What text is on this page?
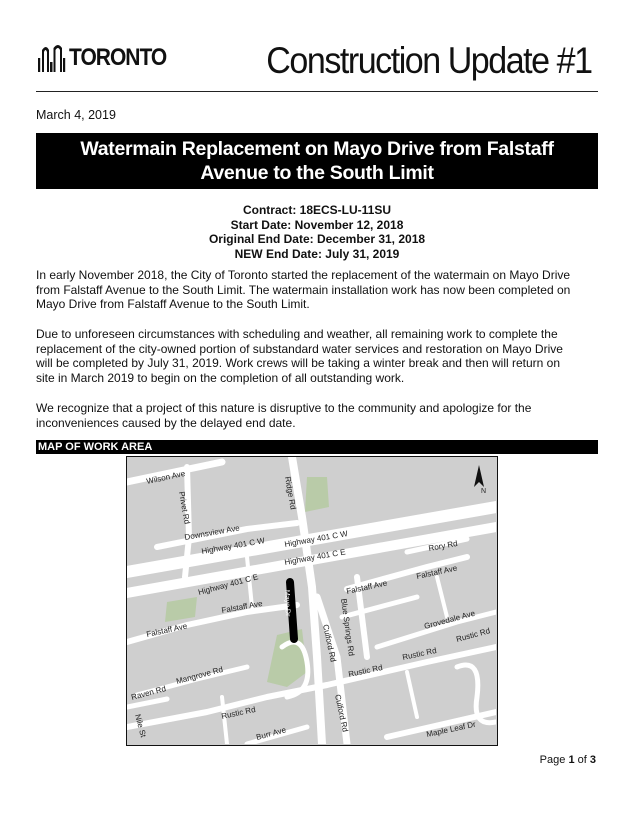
TORONTO	Construction Update #1
March 4, 2019
Watermain Replacement on Mayo Drive from Falstaff
Avenue to the South Limit
Contract: 18ECS-LU-11SU
Start Date: November 12, 2018
Original End Date: December 31, 2018
NEW End Date: July 31, 2019
In early November 2018, the City of Toronto started the replacement of the watermain on Mayo Drive
from Falstaff Avenue to the South Limit. The watermain installation work has now been completed on
Mayo Drive from Falstaff Avenue to the South Limit.
Due to unforeseen circumstances with scheduling and weather, all remaining work to complete the
replacement of the city-owned portion of substandard water services and restoration on Mayo Drive
will be completed by July 31, 2019. Work crews will be taking a winter break and then will return on
site in March 2019 to begin on the completion of all outstanding work.
We recognize that a project of this nature is disruptive to the community and apologize for the
inconveniences caused by the delayed end date.
MAP OF WORK AREA
N
Wilson Ave
Privet Rd
Downsview Ave
Ridge Rd
Highway 401 C W Highway 401 C W
Highway 401 C E
Highway 401 C E
Rory Rd
Falstaff Ave
Falstaff Ave
Falstaff Ave
Falstaff Ave
Mayo Dr	Blue Springs Rd	Grovedale Ave
Rustic Rd
Rustic Rd
Rustic Rd
Rustic Rd
Culford Rd
Culford Rd
Mangrove Rd
Raven Rd
Nile St	Burr Ave	Maple Leaf Dr
Page 1 of 3
